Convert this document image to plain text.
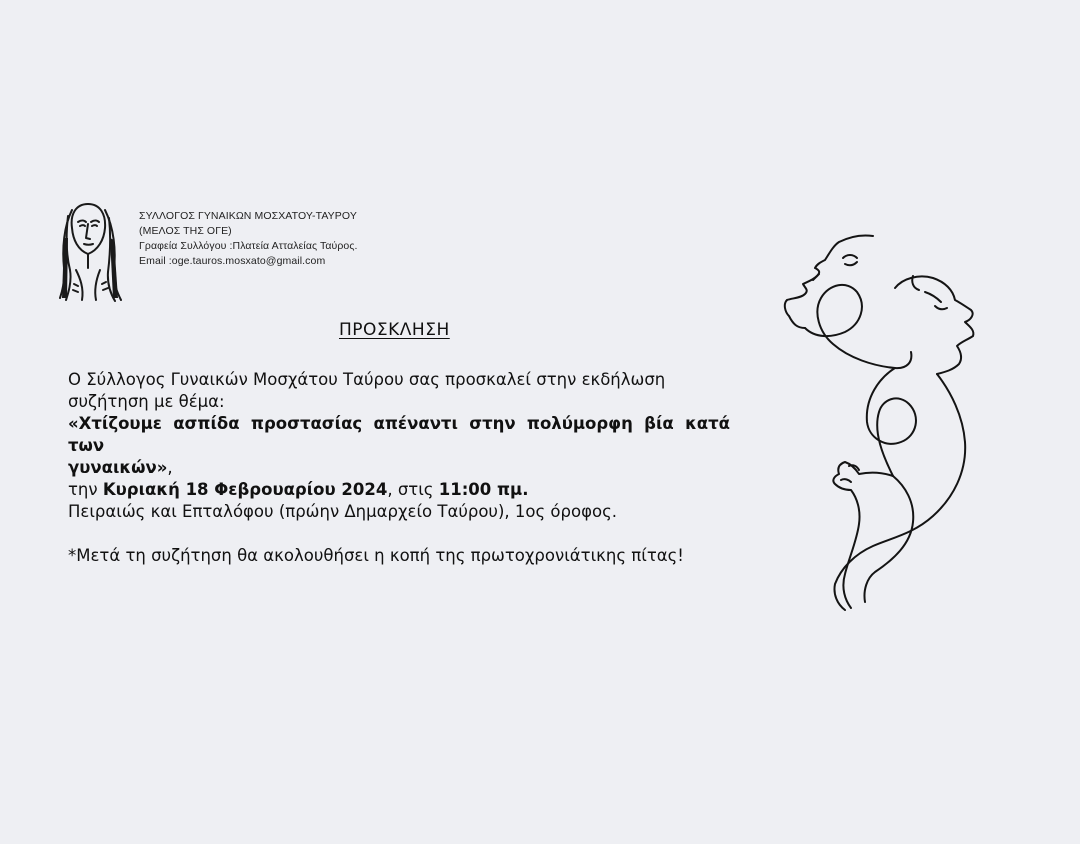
ΣΥΛΛΟΓΟΣ ΓΥΝΑΙΚΩΝ ΜΟΣΧΑΤΟΥ-ΤΑΥΡΟΥ
(ΜΕΛΟΣ ΤΗΣ ΟΓΕ)
Γραφεία Συλλόγου :Πλατεία Ατταλείας Ταύρος.
Email :oge.tauros.mosxato@gmail.com
ΠΡΟΣΚΛΗΣΗ
Ο Σύλλογος Γυναικών Μοσχάτου Ταύρου σας προσκαλεί στην εκδήλωση
συζήτηση με θέμα:
«Χτίζουμε ασπίδα προστασίας απέναντι στην πολύμορφη βία κατά των
γυναικών»,
την Κυριακή 18 Φεβρουαρίου 2024, στις 11:00 πμ.
Πειραιώς και Επταλόφου (πρώην Δημαρχείο Ταύρου), 1ος όροφος.
*Μετά τη συζήτηση θα ακολουθήσει η κοπή της πρωτοχρονιάτικης πίτας!
